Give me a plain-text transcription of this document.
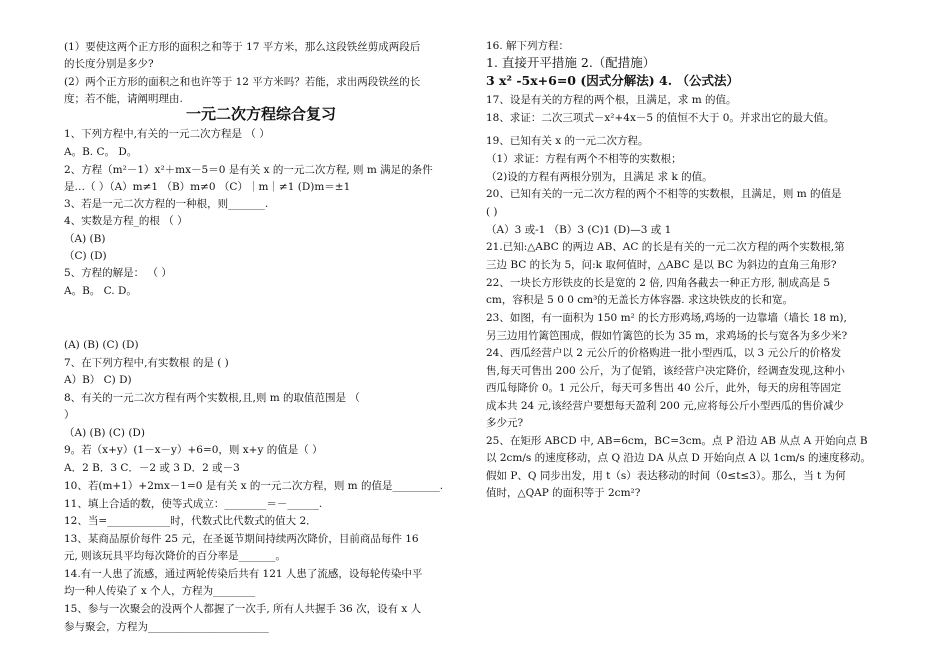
(1）要使这两个正方形的面积之和等于 17 平方米，那么这段铁丝剪成两段后
的长度分别是多少?
(2）两个正方形的面积之和也许等于 12 平方米吗？若能，求出两段铁丝的长
度；若不能，请阐明理由.
一元二次方程综合复习
1、下列方程中,有关的一元二次方程是 （ ）
A。B. C。 D。
2、方程（m²－1）x²＋mx－5＝0 是有关 x 的一元二次方程, 则 m 满足的条件
是…（ ）（A）m≠1 （B）m≠0 （C）｜m｜≠1 (D)m＝±1
3、若是一元二次方程的一种根，则_______.
4、实数是方程_的根 （ ）
（A) (B)
（C) (D)
5、方程的解是： （ ）
A。B。 C. D。
(A) (B) (C) (D)
7、在下列方程中,有实数根 的是 ( )
A）B） C) D)
8、有关的一元二次方程有两个实数根,且,则 m 的取值范围是 （
）
（A) (B) (C) (D)
9。若（x+y）(1－x－y）+6=0，则 x+y 的值是（ ）
A．2 B．3 C．－2 或 3 D．2 或－3
10、若(m+1）+2mx－1=0 是有关 x 的一元二次方程，则 m 的值是_________.
11、填上合适的数，使等式成立：________＝－______.
12、当=____________时，代数式比代数式的值大 2．
13、某商品原价每件 25 元，在圣诞节期间持续两次降价，目前商品每件 16
元, 则该玩具平均每次降价的百分率是_______。
14.有一人患了流感，通过两轮传染后共有 121 人患了流感，设每轮传染中平
均一种人传染了 x 个人，方程为________
15、参与一次聚会的没两个人都握了一次手, 所有人共握手 36 次，设有 x 人
参与聚会，方程为_______________________
16. 解下列方程：
1. 直接开平措施 2.（配措施）
3 x² -5x+6=0 (因式分解法) 4. （公式法）
17、设是有关的方程的两个根，且满足，求 m 的值。
18、求证：二次三项式－x²+4x－5 的值恒不大于 0。并求出它的最大值。
19、已知有关 x 的一元二次方程。
（1）求证：方程有两个不相等的实数根；
（2)设的方程有两根分别为，且满足 求 k 的值。
20、已知有关的一元二次方程的两个不相等的实数根，且满足，则 m 的值是
( )
（A）3 或-1 （B）3 (C)1 (D)—3 或 1
21.已知:△ABC 的两边 AB、AC 的长是有关的一元二次方程的两个实数根,第
三边 BC 的长为 5，问:k 取何值时，△ABC 是以 BC 为斜边的直角三角形?
22、一块长方形铁皮的长是宽的 2 倍, 四角各截去一种正方形, 制成高是 5
cm，容积是 5 0 0 cm³的无盖长方体容器. 求这块铁皮的长和宽。
23、如图，有一面积为 150 m² 的长方形鸡场,鸡场的一边靠墙（墙长 18 m),
另三边用竹篱笆围成，假如竹篱笆的长为 35 m，求鸡场的长与宽各为多少米?
24、西瓜经营户以 2 元公斤的价格购进一批小型西瓜，以 3 元公斤的价格发
售,每天可售出 200 公斤，为了促销，该经营户决定降价，经调查发现,这种小
西瓜每降价 0。1 元公斤，每天可多售出 40 公斤，此外，每天的房租等固定
成本共 24 元,该经营户要想每天盈利 200 元,应将每公斤小型西瓜的售价减少
多少元?
25、在矩形 ABCD 中, AB=6cm，BC=3cm。点 P 沿边 AB 从点 A 开始向点 B
以 2cm/s 的速度移动，点 Q 沿边 DA 从点 D 开始向点 A 以 1cm/s 的速度移动。
假如 P、Q 同步出发，用 t（s）表达移动的时间（0≤t≤3）。那么，当 t 为何
值时，△QAP 的面积等于 2cm²?
